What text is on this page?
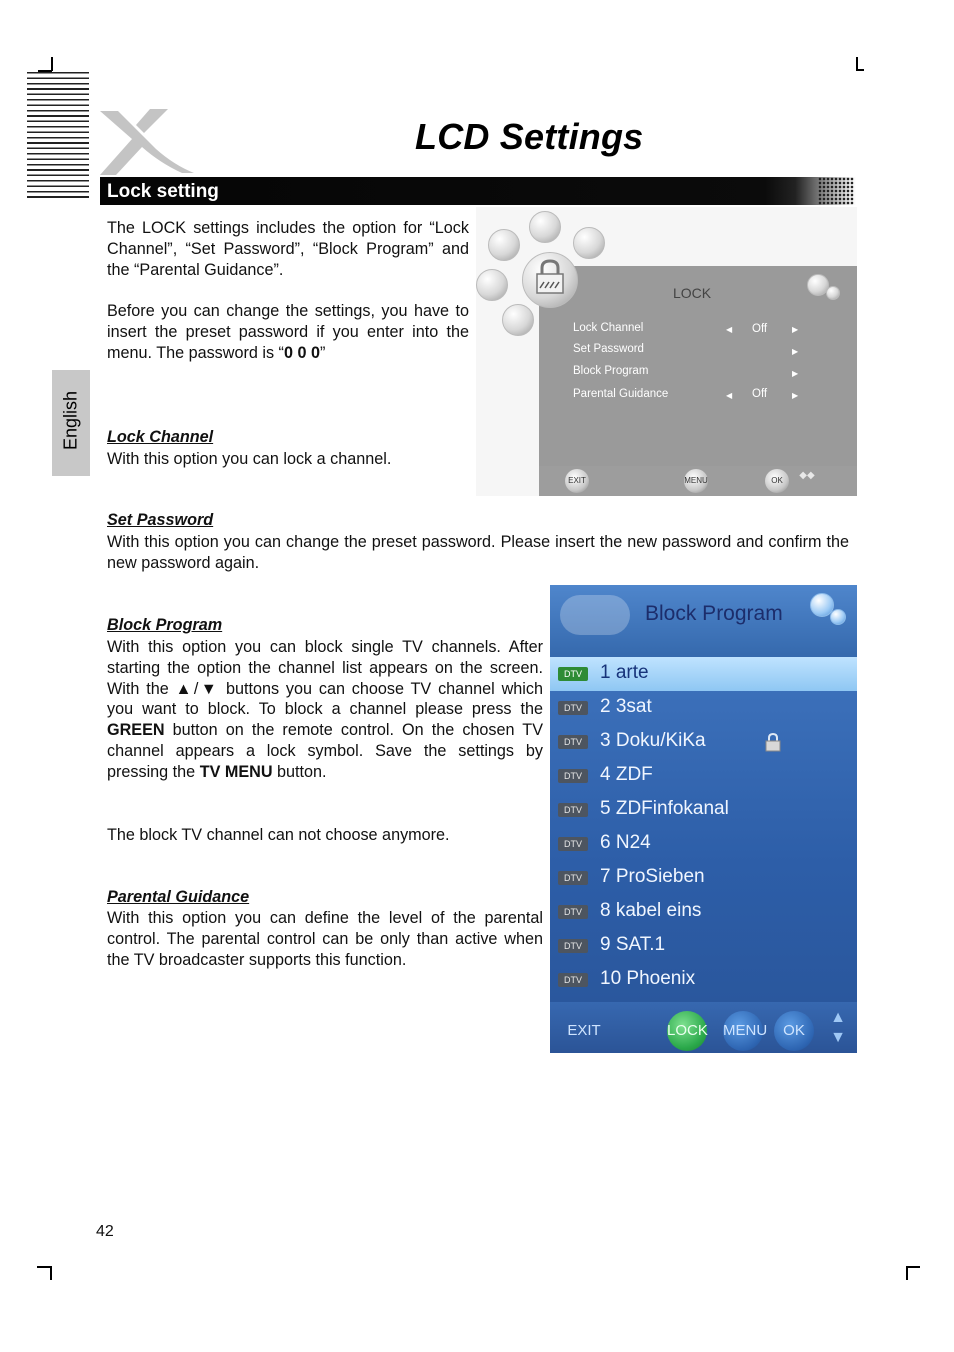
LCD Settings
Lock setting
English
The LOCK settings includes the option for “Lock Channel”, “Set Password”, “Block Program” and the “Parental Guidance”.
Before you can change the settings, you have to insert the preset password if you enter into the menu. The password is “0 0 0”
Lock Channel
With this option you can lock a channel.
LOCK
Lock Channel	◀ Off	▶
Set Password	▶
Block Program	▶
Parental Guidance	◀ Off	▶
EXIT	MENU	OK	◆◆
Set Password
With this option you can change the preset password. Please insert the new password and confirm the new password again.
Block Program
With this option you can block single TV channels. After starting the option the channel list appears on the screen. With the ▲/▼ buttons you can choose TV channel which you want to block. To block a channel please press the GREEN button on the remote control. On the chosen TV channel appears a lock symbol. Save the settings by pressing the TV MENU button.
The block TV channel can not choose anymore.
Parental Guidance
With this option you can define the level of the parental control. The parental control can be only than active when the TV broadcaster supports this function.
Block Program
DTV 1 arte
DTV 2 3sat
DTV 3 Doku/KiKa
DTV 4 ZDF
DTV 5 ZDFinfokanal
DTV 6 N24
DTV 7 ProSieben
DTV 8 kabel eins
DTV 9 SAT.1
DTV 10 Phoenix
EXIT	LOCK MENU	OK
▲
▼
42
